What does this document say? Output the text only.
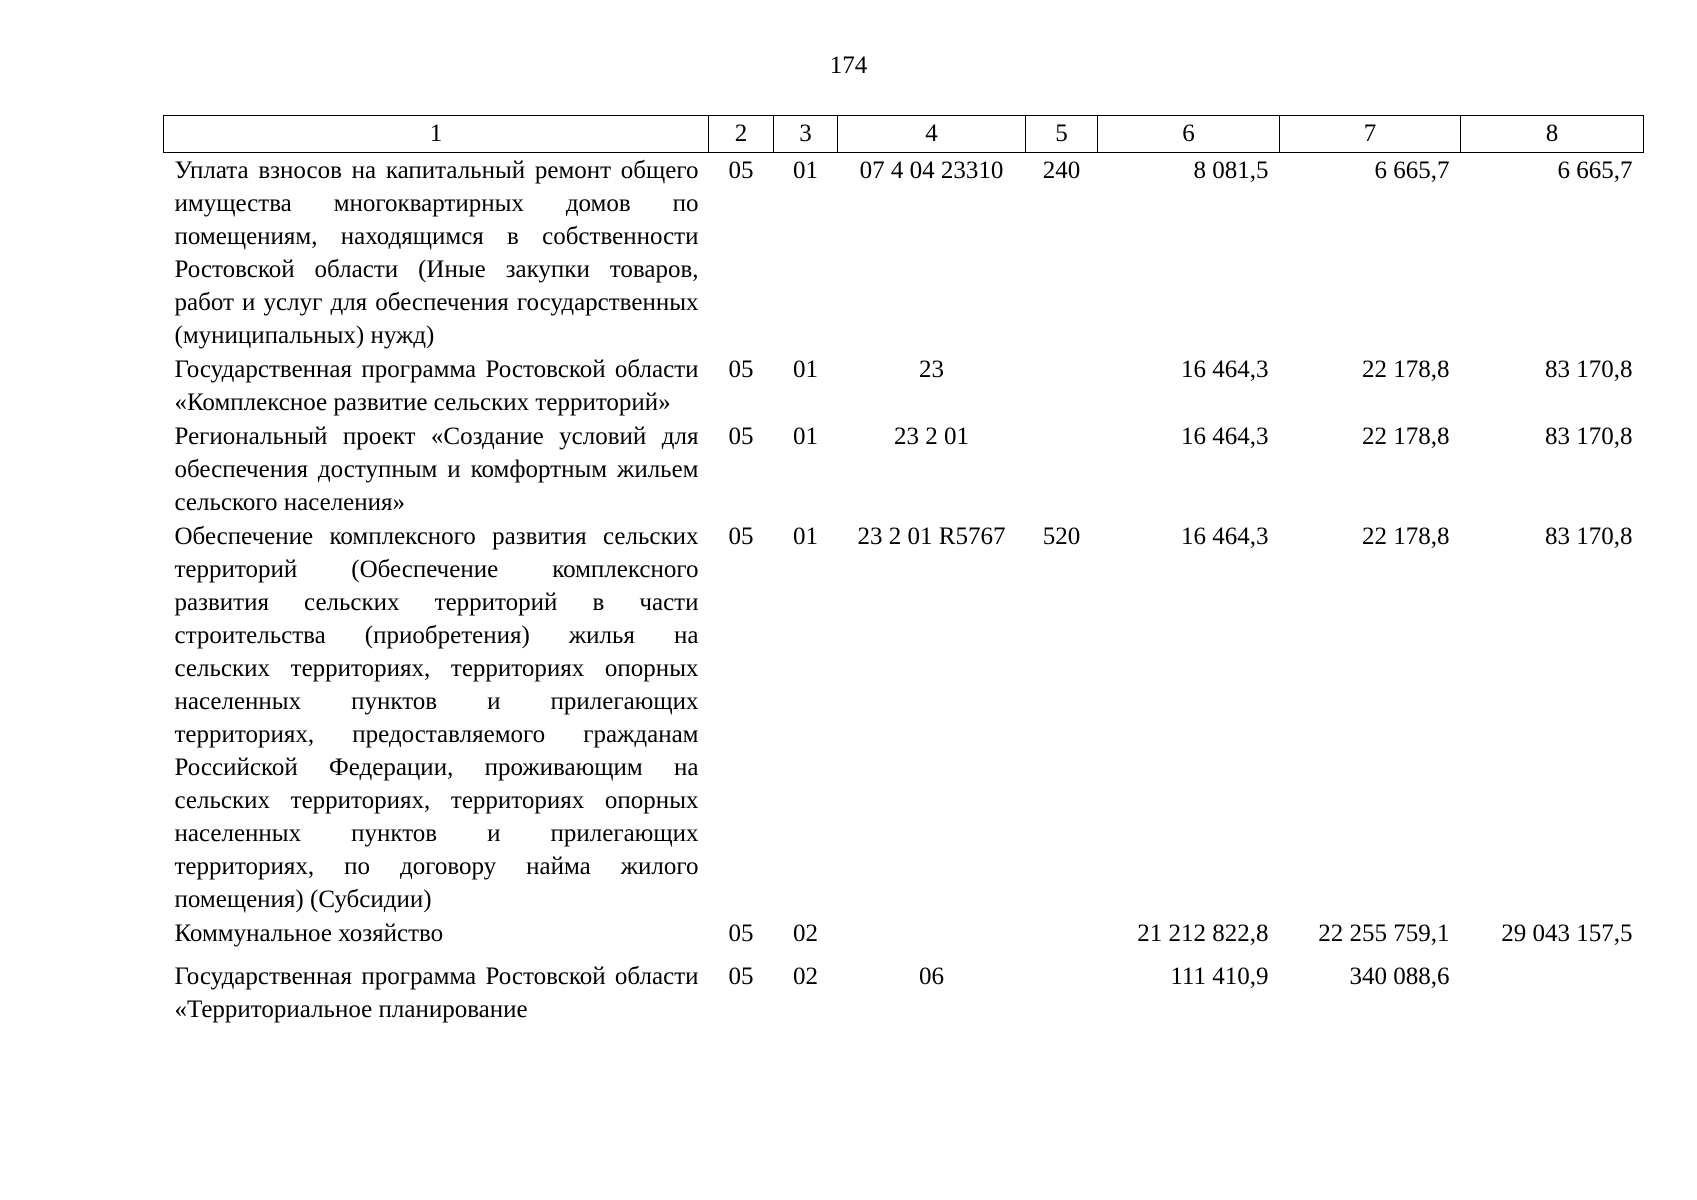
174
1	2	3	4	5	6	7	8
Уплата взносов на капитальный ремонт общего имущества многоквартирных домов по помещениям, находящимся в собственности Ростовской области (Иные закупки товаров, работ и услуг для обеспечения государственных (муниципальных) нужд)	05	01	07 4 04 23310	240	8 081,5	6 665,7	6 665,7
Государственная программа Ростовской области «Комплексное развитие сельских территорий»	05	01	23		16 464,3	22 178,8	83 170,8
Региональный проект «Создание условий для обеспечения доступным и комфортным жильем сельского населения»	05	01	23 2 01		16 464,3	22 178,8	83 170,8
Обеспечение комплексного развития сельских территорий (Обеспечение комплексного развития сельских территорий в части строительства (приобретения) жилья на сельских территориях, территориях опорных населенных пунктов и прилегающих территориях, предоставляемого гражданам Российской Федерации, проживающим на сельских территориях, территориях опорных населенных пунктов и прилегающих территориях, по договору найма жилого помещения) (Субсидии)	05	01	23 2 01 R5767	520	16 464,3	22 178,8	83 170,8
Коммунальное хозяйство	05	02			21 212 822,8	22 255 759,1	29 043 157,5
Государственная программа Ростовской области «Территориальное планирование	05	02	06		111 410,9	340 088,6	
